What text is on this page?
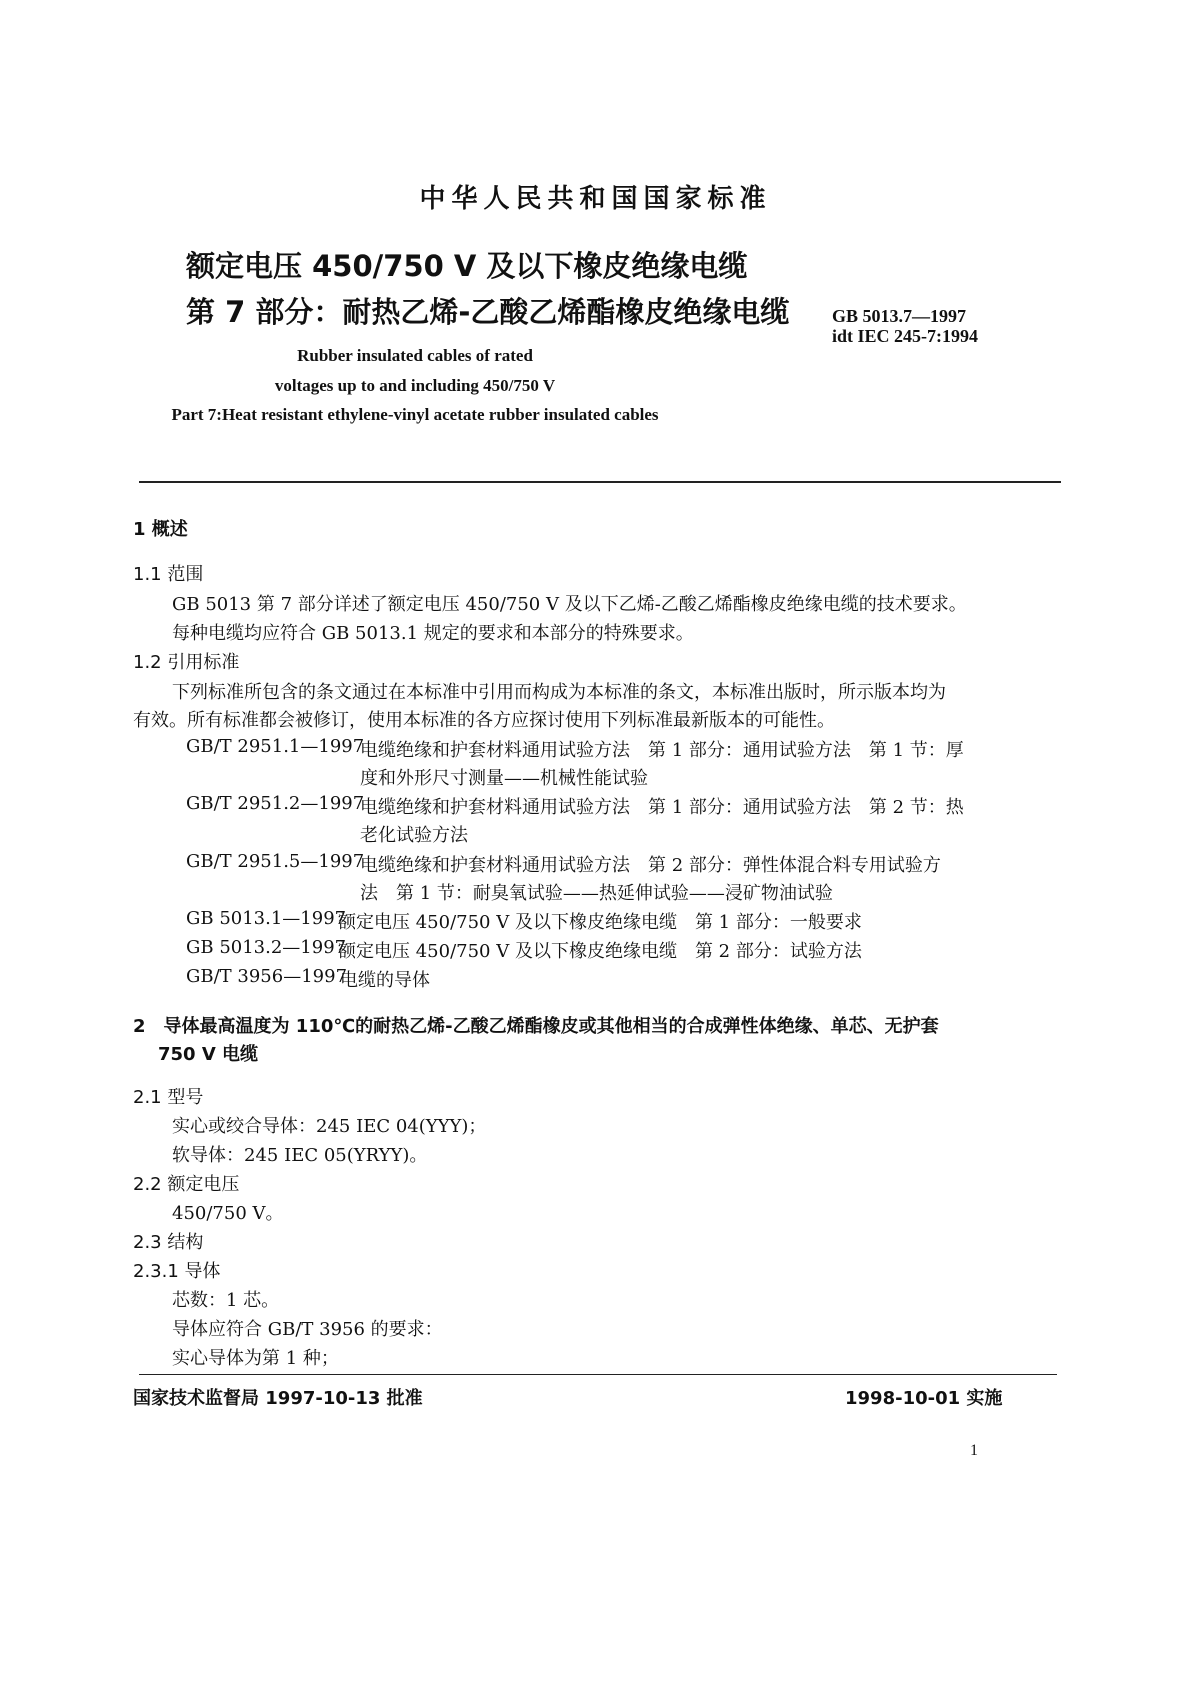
中华人民共和国国家标准
额定电压 450/750 V 及以下橡皮绝缘电缆
第 7 部分：耐热乙烯-乙酸乙烯酯橡皮绝缘电缆 GB 5013.7—1997
idt IEC 245-7:1994
Rubber insulated cables of rated
voltages up to and including 450/750 V
Part 7:Heat resistant ethylene-vinyl acetate rubber insulated cables
1 概述
1.1 范围
GB 5013 第 7 部分详述了额定电压 450/750 V 及以下乙烯-乙酸乙烯酯橡皮绝缘电缆的技术要求。
每种电缆均应符合 GB 5013.1 规定的要求和本部分的特殊要求。
1.2 引用标准
下列标准所包含的条文通过在本标准中引用而构成为本标准的条文，本标准出版时，所示版本均为
有效。所有标准都会被修订，使用本标准的各方应探讨使用下列标准最新版本的可能性。
GB/T 2951.1—1997
电缆绝缘和护套材料通用试验方法　第 1 部分：通用试验方法　第 1 节：厚
度和外形尺寸测量——机械性能试验
GB/T 2951.2—1997
电缆绝缘和护套材料通用试验方法　第 1 部分：通用试验方法　第 2 节：热
老化试验方法
GB/T 2951.5—1997
电缆绝缘和护套材料通用试验方法　第 2 部分：弹性体混合料专用试验方
法　第 1 节：耐臭氧试验——热延伸试验——浸矿物油试验
GB 5013.1—1997
额定电压 450/750 V 及以下橡皮绝缘电缆　第 1 部分：一般要求
GB 5013.2—1997
额定电压 450/750 V 及以下橡皮绝缘电缆　第 2 部分：试验方法
GB/T 3956—1997
电缆的导体
2　导体最高温度为 110℃的耐热乙烯-乙酸乙烯酯橡皮或其他相当的合成弹性体绝缘、单芯、无护套
750 V 电缆
2.1 型号
实心或绞合导体：245 IEC 04(YYY)；
软导体：245 IEC 05(YRYY)。
2.2 额定电压
450/750 V。
2.3 结构
2.3.1 导体
芯数：1 芯。
导体应符合 GB/T 3956 的要求：
实心导体为第 1 种；
国家技术监督局 1997-10-13 批准	1998-10-01 实施
1
